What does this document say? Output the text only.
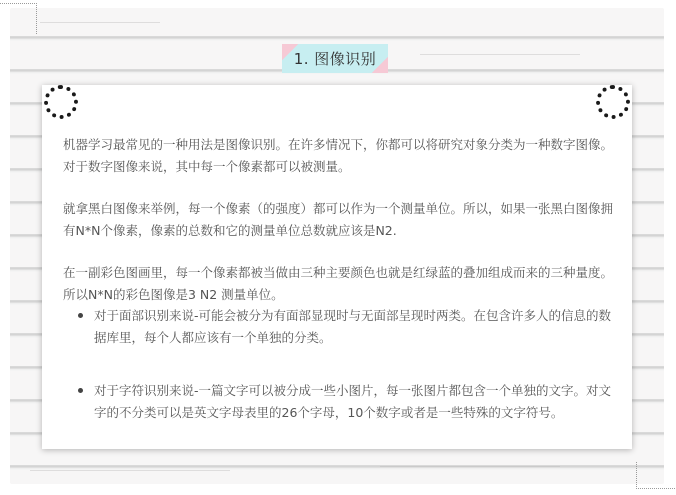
1. 图像识别

机器学习最常见的一种用法是图像识别。在许多情况下，你都可以将研究对象分类为一种数字图像。对于数字图像来说，其中每一个像素都可以被测量。

就拿黑白图像来举例，每一个像素（的强度）都可以作为一个测量单位。所以，如果一张黑白图像拥有N*N个像素，像素的总数和它的测量单位总数就应该是N2.

在一副彩色图画里，每一个像素都被当做由三种主要颜色也就是红绿蓝的叠加组成而来的三种量度。所以N*N的彩色图像是3 N2 测量单位。

对于面部识别来说-可能会被分为有面部显现时与无面部呈现时两类。在包含许多人的信息的数据库里，每个人都应该有一个单独的分类。
对于字符识别来说-一篇文字可以被分成一些小图片，每一张图片都包含一个单独的文字。对文字的不分类可以是英文字母表里的26个字母，10个数字或者是一些特殊的文字符号。
